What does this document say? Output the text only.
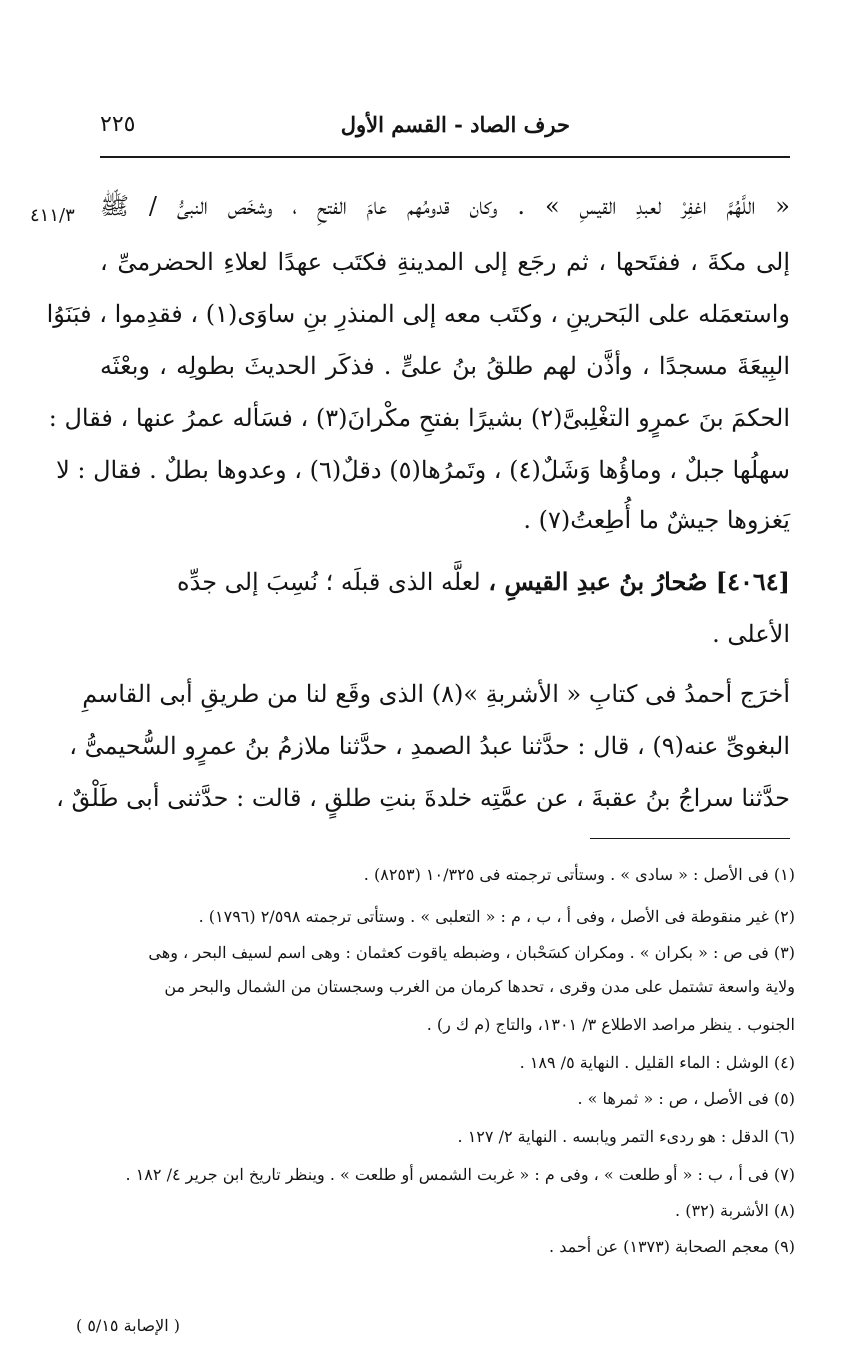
حرف الصاد - القسم الأول
٢٢٥
٤١١/٣ « اللَّهُمَّ اغفِرْ لعبدِ القيسِ » . وكان قدومُهم عامَ الفتحِ ، وشخَص النبىُّ / ﷺ
إلى مكةَ ، ففتَحها ، ثم رجَع إلى المدينةِ فكتَب عهدًا لعلاءِ الحضرمىِّ ،
واستعمَله على البَحرينِ ، وكتَب معه إلى المنذرِ بنِ ساوَى(١) ، فقدِموا ، فبَنَوُا
البِيعَةَ مسجدًا ، وأذَّن لهم طلقُ بنُ علىٍّ . فذكَر الحديثَ بطولِه ، وبعْثَه
الحكمَ بنَ عمرٍو التغْلِبىَّ(٢) بشيرًا بفتحِ مكْرانَ(٣) ، فسَأله عمرُ عنها ، فقال :
سهلُها جبلٌ ، وماؤُها وَشَلٌ(٤) ، وتَمرُها(٥) دقلٌ(٦) ، وعدوها بطلٌ . فقال : لا
يَغزوها جيشٌ ما أُطِعتُ(٧) .
[٤٠٦٤] صُحارُ بنُ عبدِ القيسِ ، لعلَّه الذى قبلَه ؛ نُسِبَ إلى جدِّه
الأعلى .
أخرَج أحمدُ فى كتابِ « الأشربةِ »(٨) الذى وقَع لنا من طريقِ أبى القاسمِ
البغوىِّ عنه(٩) ، قال : حدَّثنا عبدُ الصمدِ ، حدَّثنا ملازمُ بنُ عمرٍو السُّحيمىُّ ،
حدَّثنا سراجُ بنُ عقبةَ ، عن عمَّتِه خلدةَ بنتِ طلقٍ ، قالت : حدَّثنى أبى طَلْقٌ ،
(١) فى الأصل : « سادى » . وستأتى ترجمته فى ١٠/٣٢٥ (٨٢٥٣) .
(٢) غير منقوطة فى الأصل ، وفى أ ، ب ، م : « التعلبى » . وستأتى ترجمته ٢/٥٩٨ (١٧٩٦) .
(٣) فى ص : « بكران » . ومكران كسَحْبان ، وضبطه ياقوت كعثمان : وهى اسم لسيف البحر ، وهى
ولاية واسعة تشتمل على مدن وقرى ، تحدها كرمان من الغرب وسجستان من الشمال والبحر من
الجنوب . ينظر مراصد الاطلاع ٣/ ١٣٠١، والتاج (م ك ر) .
(٤) الوشل : الماء القليل . النهاية ٥/ ١٨٩ .
(٥) فى الأصل ، ص : « ثمرها » .
(٦) الدقل : هو ردىء التمر ويابسه . النهاية ٢/ ١٢٧ .
(٧) فى أ ، ب : « أو طلعت » ، وفى م : « غربت الشمس أو طلعت » . وينظر تاريخ ابن جرير ٤/ ١٨٢ .
(٨) الأشربة (٣٢) .
(٩) معجم الصحابة (١٣٧٣) عن أحمد .
( الإصابة ٥/١٥ )
